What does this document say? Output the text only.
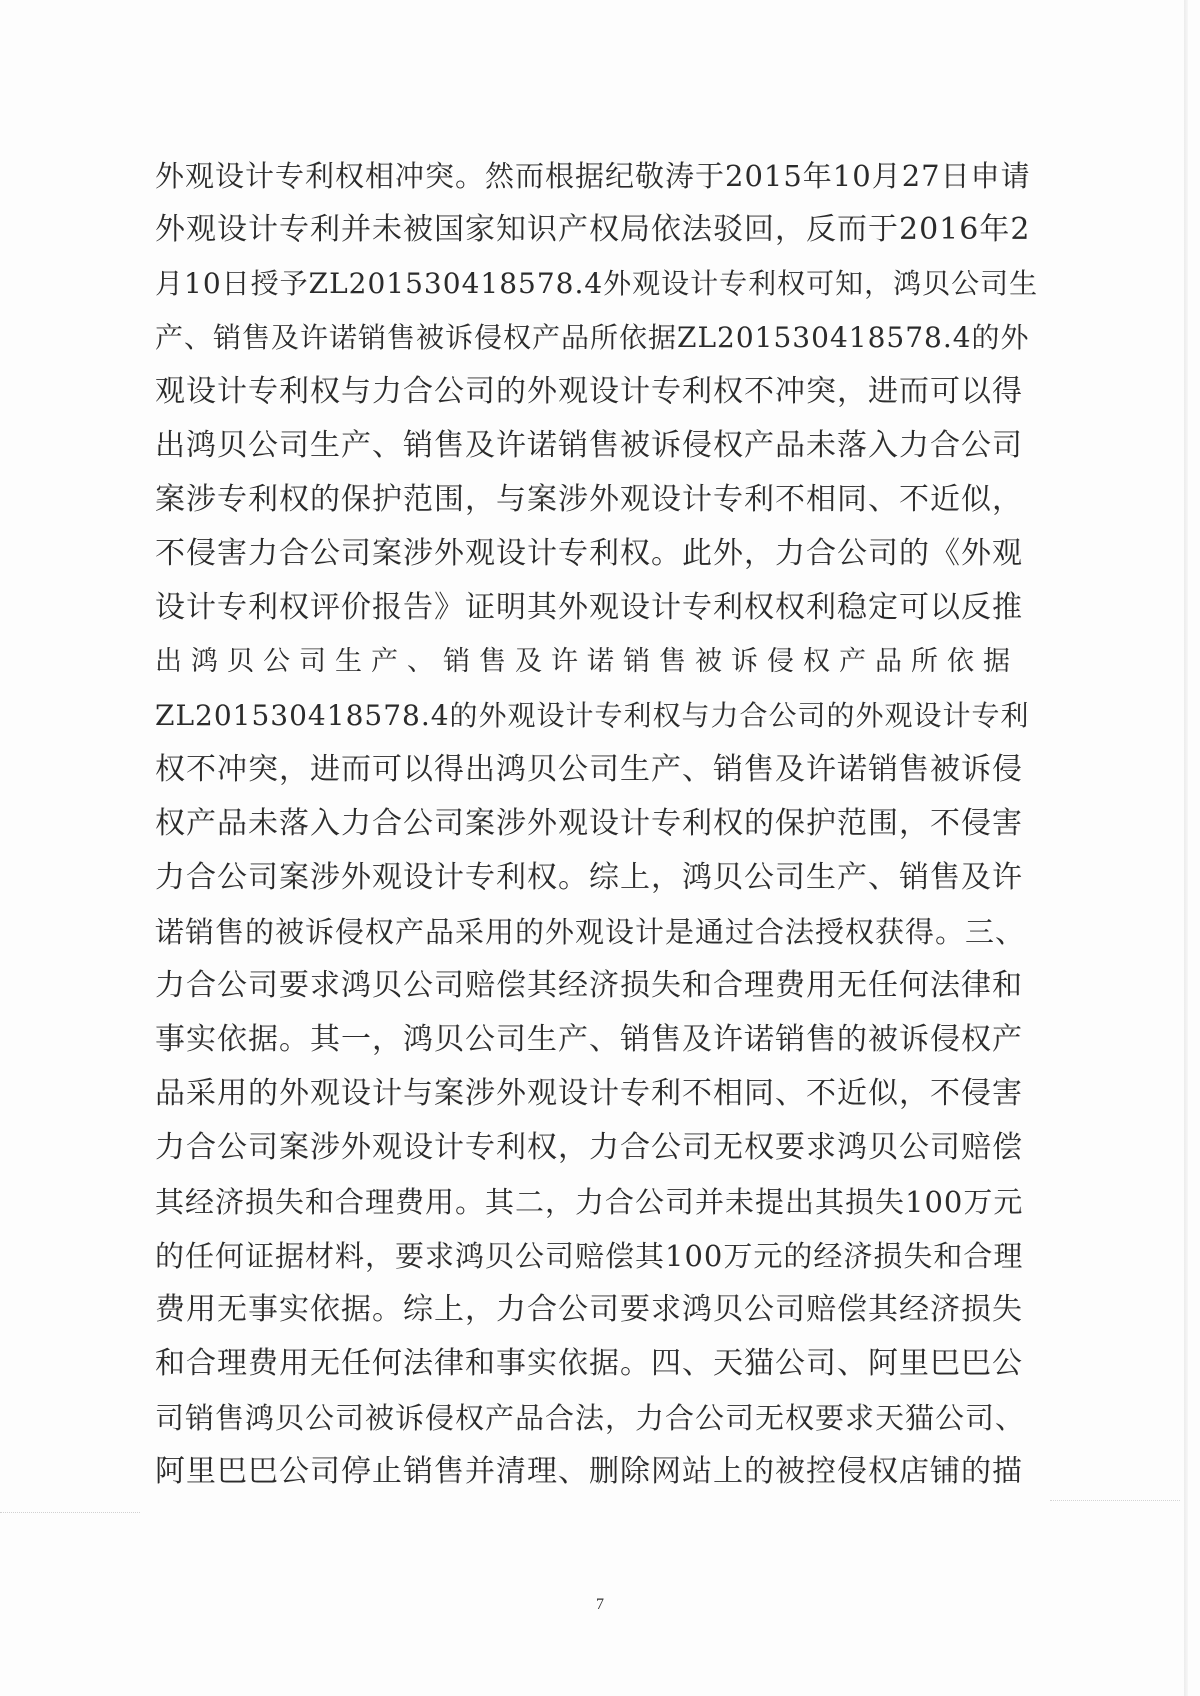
外观设计专利权相冲突。然而根据纪敬涛于2015年10月27日申请
外观设计专利并未被国家知识产权局依法驳回，反而于2016年2
月10日授予ZL201530418578.4外观设计专利权可知，鸿贝公司生
产、销售及许诺销售被诉侵权产品所依据ZL201530418578.4的外
观设计专利权与力合公司的外观设计专利权不冲突，进而可以得
出鸿贝公司生产、销售及许诺销售被诉侵权产品未落入力合公司
案涉专利权的保护范围，与案涉外观设计专利不相同、不近似，
不侵害力合公司案涉外观设计专利权。此外，力合公司的《外观
设计专利权评价报告》证明其外观设计专利权权利稳定可以反推
出鸿贝公司生产、销售及许诺销售被诉侵权产品所依据
ZL201530418578.4的外观设计专利权与力合公司的外观设计专利
权不冲突，进而可以得出鸿贝公司生产、销售及许诺销售被诉侵
权产品未落入力合公司案涉外观设计专利权的保护范围，不侵害
力合公司案涉外观设计专利权。综上，鸿贝公司生产、销售及许
诺销售的被诉侵权产品采用的外观设计是通过合法授权获得。三、
力合公司要求鸿贝公司赔偿其经济损失和合理费用无任何法律和
事实依据。其一，鸿贝公司生产、销售及许诺销售的被诉侵权产
品采用的外观设计与案涉外观设计专利不相同、不近似，不侵害
力合公司案涉外观设计专利权，力合公司无权要求鸿贝公司赔偿
其经济损失和合理费用。其二，力合公司并未提出其损失100万元
的任何证据材料，要求鸿贝公司赔偿其100万元的经济损失和合理
费用无事实依据。综上，力合公司要求鸿贝公司赔偿其经济损失
和合理费用无任何法律和事实依据。四、天猫公司、阿里巴巴公
司销售鸿贝公司被诉侵权产品合法，力合公司无权要求天猫公司、
阿里巴巴公司停止销售并清理、删除网站上的被控侵权店铺的描
7
